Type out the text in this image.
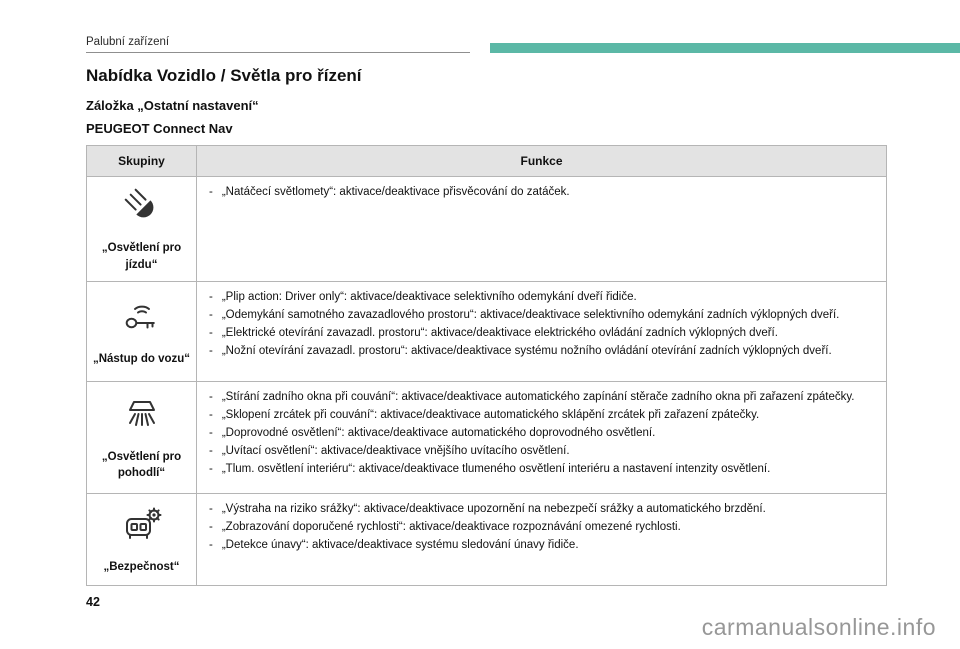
Palubní zařízení
Nabídka Vozidlo / Světla pro řízení
Záložka „Ostatní nastavení“
PEUGEOT Connect Nav
Skupiny	Funkce

„Osvětlení pro jízdu“

- „Natáčecí světlomety“: aktivace/deaktivace přisvěcování do zatáček.

„Nástup do vozu“

- „Plip action: Driver only“: aktivace/deaktivace selektivního odemykání dveří řidiče.
- „Odemykání samotného zavazadlového prostoru“: aktivace/deaktivace selektivního odemykání zadních výklopných dveří.
- „Elektrické otevírání zavazadl. prostoru“: aktivace/deaktivace elektrického ovládání zadních výklopných dveří.
- „Nožní otevírání zavazadl. prostoru“: aktivace/deaktivace systému nožního ovládání otevírání zadních výklopných dveří.

„Osvětlení pro pohodlí“

- „Stírání zadního okna při couvání“: aktivace/deaktivace automatického zapínání stěrače zadního okna při zařazení zpátečky.
- „Sklopení zrcátek při couvání“: aktivace/deaktivace automatického sklápění zrcátek při zařazení zpátečky.
- „Doprovodné osvětlení“: aktivace/deaktivace automatického doprovodného osvětlení.
- „Uvítací osvětlení“: aktivace/deaktivace vnějšího uvítacího osvětlení.
- „Tlum. osvětlení interiéru“: aktivace/deaktivace tlumeného osvětlení interiéru a nastavení intenzity osvětlení.

„Bezpečnost“

- „Výstraha na riziko srážky“: aktivace/deaktivace upozornění na nebezpečí srážky a automatického brzdění.
- „Zobrazování doporučené rychlosti“: aktivace/deaktivace rozpoznávání omezené rychlosti.
- „Detekce únavy“: aktivace/deaktivace systému sledování únavy řidiče.
42
carmanualsonline.info
